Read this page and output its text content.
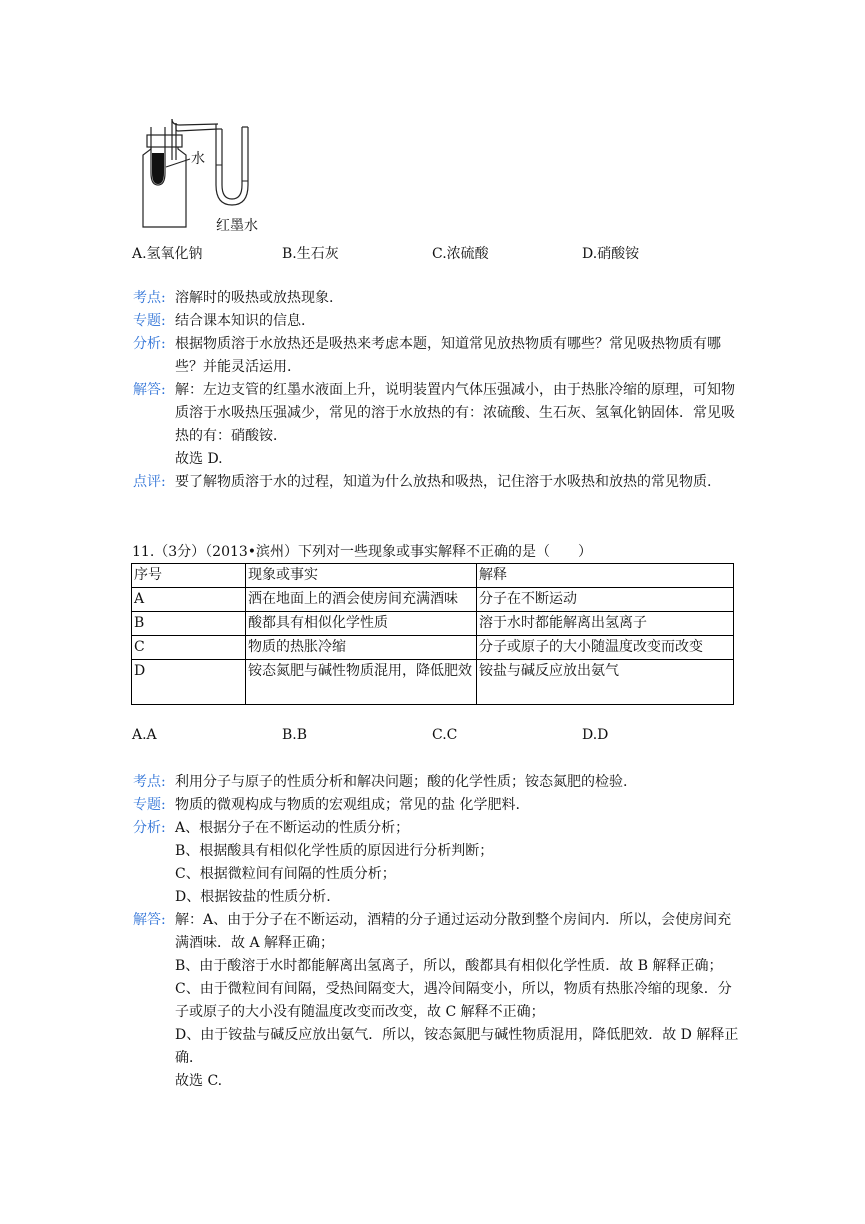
水
红墨水
A.氢氧化钠	B.生石灰	C.浓硫酸	D.硝酸铵
考点: 溶解时的吸热或放热现象.
专题: 结合课本知识的信息.
分析: 根据物质溶于水放热还是吸热来考虑本题，知道常见放热物质有哪些？常见吸热物质有哪些？并能灵活运用.
解答: 解：左边支管的红墨水液面上升，说明装置内气体压强减小，由于热胀冷缩的原理，可知物质溶于水吸热压强减少，常见的溶于水放热的有：浓硫酸、生石灰、氢氧化钠固体．常见吸热的有：硝酸铵．
故选 D.
点评: 要了解物质溶于水的过程，知道为什么放热和吸热，记住溶于水吸热和放热的常见物质.
11.（3分）（2013•滨州）下列对一些现象或事实解释不正确的是（　　）
序号	现象或事实	解释
A	洒在地面上的酒会使房间充满酒味	分子在不断运动
B	酸都具有相似化学性质	溶于水时都能解离出氢离子
C	物质的热胀冷缩	分子或原子的大小随温度改变而改变
D	铵态氮肥与碱性物质混用，降低肥效	铵盐与碱反应放出氨气
A.A	B.B	C.C	D.D
考点: 利用分子与原子的性质分析和解决问题；酸的化学性质；铵态氮肥的检验.
专题: 物质的微观构成与物质的宏观组成；常见的盐 化学肥料.
分析: A、根据分子在不断运动的性质分析；
B、根据酸具有相似化学性质的原因进行分析判断；
C、根据微粒间有间隔的性质分析；
D、根据铵盐的性质分析.
解答: 解：A、由于分子在不断运动，酒精的分子通过运动分散到整个房间内．所以，会使房间充满酒味．故 A 解释正确；
B、由于酸溶于水时都能解离出氢离子，所以，酸都具有相似化学性质．故 B 解释正确；
C、由于微粒间有间隔，受热间隔变大，遇冷间隔变小，所以，物质有热胀冷缩的现象．分子或原子的大小没有随温度改变而改变，故 C 解释不正确；
D、由于铵盐与碱反应放出氨气．所以，铵态氮肥与碱性物质混用，降低肥效．故 D 解释正确．
故选 C.
